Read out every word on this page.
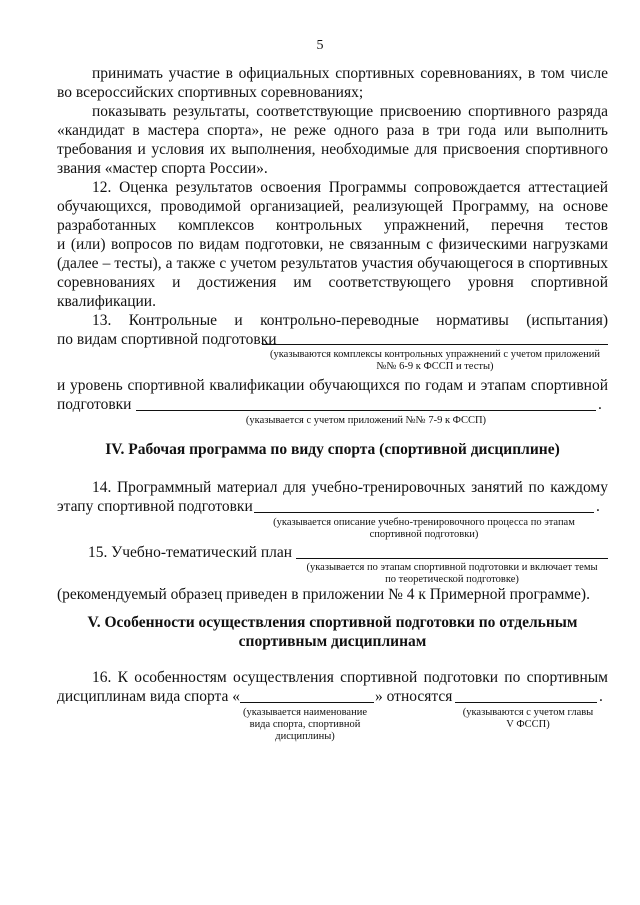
5
принимать участие в официальных спортивных соревнованиях, в том числе
во всероссийских спортивных соревнованиях;
показывать результаты, соответствующие присвоению спортивного разряда
«кандидат в мастера спорта», не реже одного раза в три года или выполнить
требования и условия их выполнения, необходимые для присвоения спортивного
звания «мастер спорта России».
12. Оценка результатов освоения Программы сопровождается аттестацией
обучающихся, проводимой организацией, реализующей Программу, на основе
разработанных комплексов контрольных упражнений, перечня тестов
и (или) вопросов по видам подготовки, не связанным с физическими нагрузками
(далее – тесты), а также с учетом результатов участия обучающегося в спортивных
соревнованиях и достижения им соответствующего уровня спортивной
квалификации.
13. Контрольные и контрольно-переводные нормативы (испытания)
по видам спортивной подготовки
(указываются комплексы контрольных упражнений с учетом приложений
№№ 6-9 к ФССП и тесты)
и уровень спортивной квалификации обучающихся по годам и этапам спортивной
подготовки	.
(указывается с учетом приложений №№ 7-9 к ФССП)
IV. Рабочая программа по виду спорта (спортивной дисциплине)
14. Программный материал для учебно-тренировочных занятий по каждому
этапу спортивной подготовки	.
(указывается описание учебно-тренировочного процесса по этапам
спортивной подготовки)
15. Учебно-тематический план
(указывается по этапам спортивной подготовки и включает темы
по теоретической подготовке)
(рекомендуемый образец приведен в приложении № 4 к Примерной программе).
V. Особенности осуществления спортивной подготовки по отдельным
спортивным дисциплинам
16. К особенностям осуществления спортивной подготовки по спортивным
дисциплинам вида спорта «	» относятся	.
(указывается наименование
вида спорта, спортивной
дисциплины)
(указываются с учетом главы
V ФССП)
